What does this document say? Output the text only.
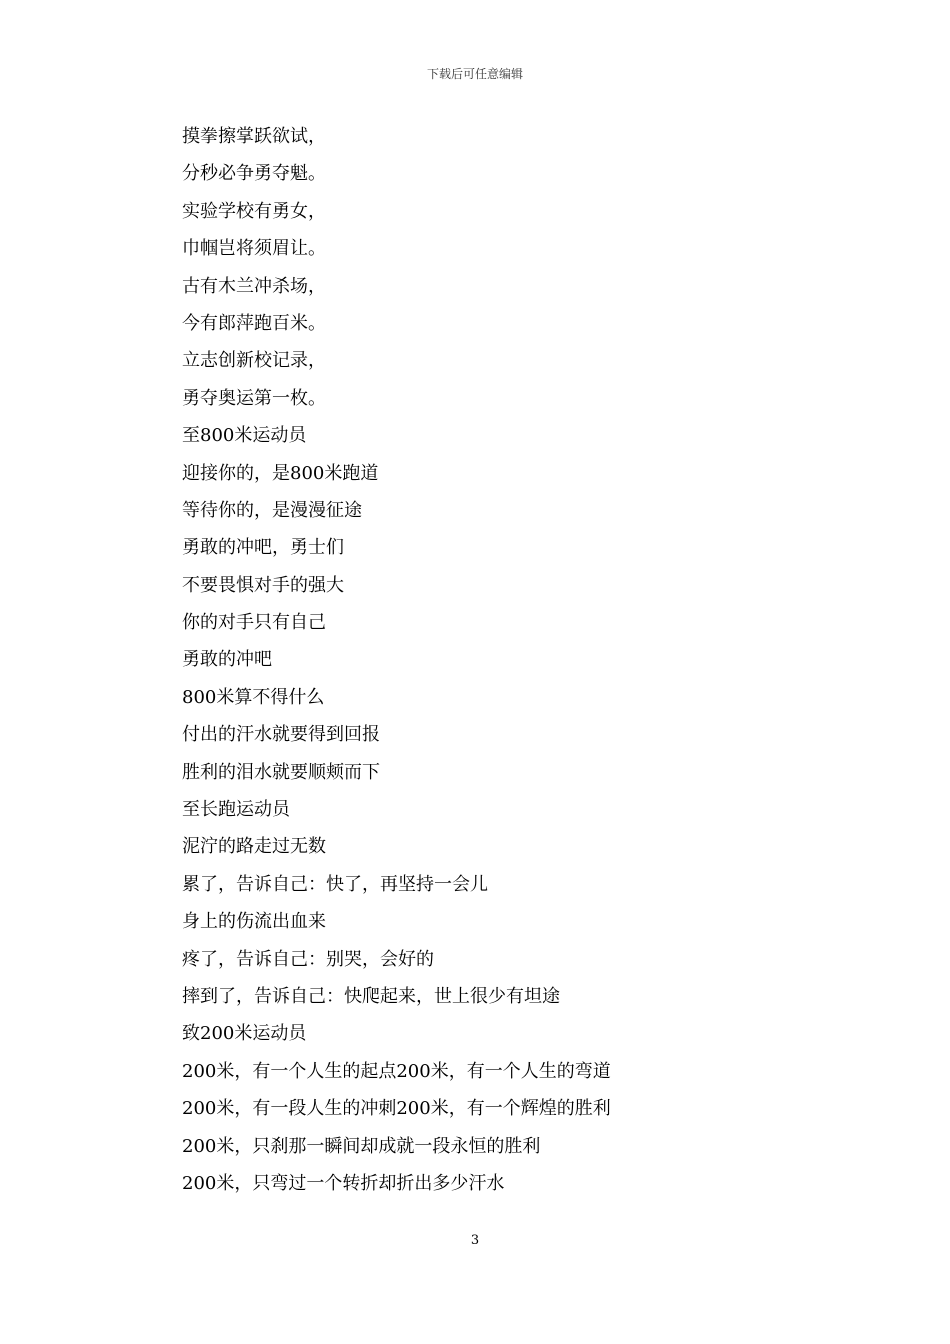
下载后可任意编辑
摸拳擦掌跃欲试，
分秒必争勇夺魁。
实验学校有勇女，
巾帼岂将须眉让。
古有木兰冲杀场，
今有郎萍跑百米。
立志创新校记录，
勇夺奥运第一枚。
至800米运动员
迎接你的，是800米跑道
等待你的，是漫漫征途
勇敢的冲吧，勇士们
不要畏惧对手的强大
你的对手只有自己
勇敢的冲吧
800米算不得什么
付出的汗水就要得到回报
胜利的泪水就要顺颊而下
至长跑运动员
泥泞的路走过无数
累了，告诉自己：快了，再坚持一会儿
身上的伤流出血来
疼了，告诉自己：别哭，会好的
摔到了，告诉自己：快爬起来，世上很少有坦途
致200米运动员
200米，有一个人生的起点200米，有一个人生的弯道
200米，有一段人生的冲刺200米，有一个辉煌的胜利
200米，只刹那一瞬间却成就一段永恒的胜利
200米，只弯过一个转折却折出多少汗水
3
